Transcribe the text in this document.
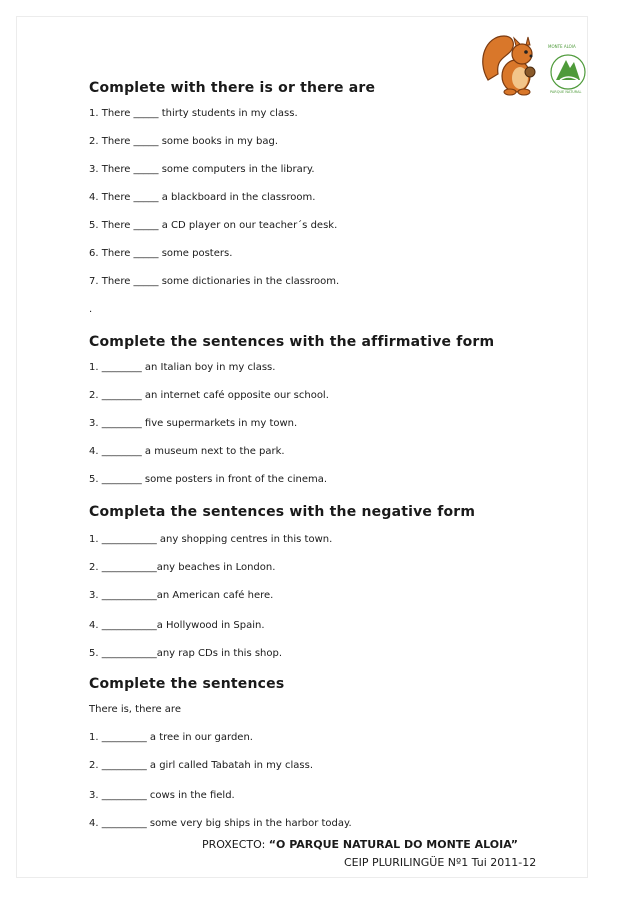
Complete with there is or there are
1. There _____ thirty students in my class.
2. There _____ some books in my bag.
3. There _____ some computers in the library.
4. There _____ a blackboard in the classroom.
5. There _____ a CD player on our teacher´s desk.
6. There _____ some posters.
7. There _____ some dictionaries in the classroom.
.
Complete the sentences with the affirmative form
1. ________ an Italian boy in my class.
2. ________ an internet café opposite our school.
3. ________ five supermarkets in my town.
4. ________ a museum next to the park.
5. ________ some posters in front of the cinema.
Completa the sentences with the negative form
1. ___________ any shopping centres in this town.
2. ___________any beaches in London.
3. ___________an American café here.
4. ___________a Hollywood in Spain.
5. ___________any rap CDs in this shop.
Complete the sentences
There is, there are
1. _________ a tree in our garden.
2. _________ a girl called Tabatah in my class.
3. _________ cows in the field.
4. _________ some very big ships in the harbor today.
MONTE ALOIA
PARQUE NATURAL
PROXECTO: “O PARQUE NATURAL DO MONTE ALOIA”
CEIP PLURILINGÜE Nº1 Tui 2011-12
